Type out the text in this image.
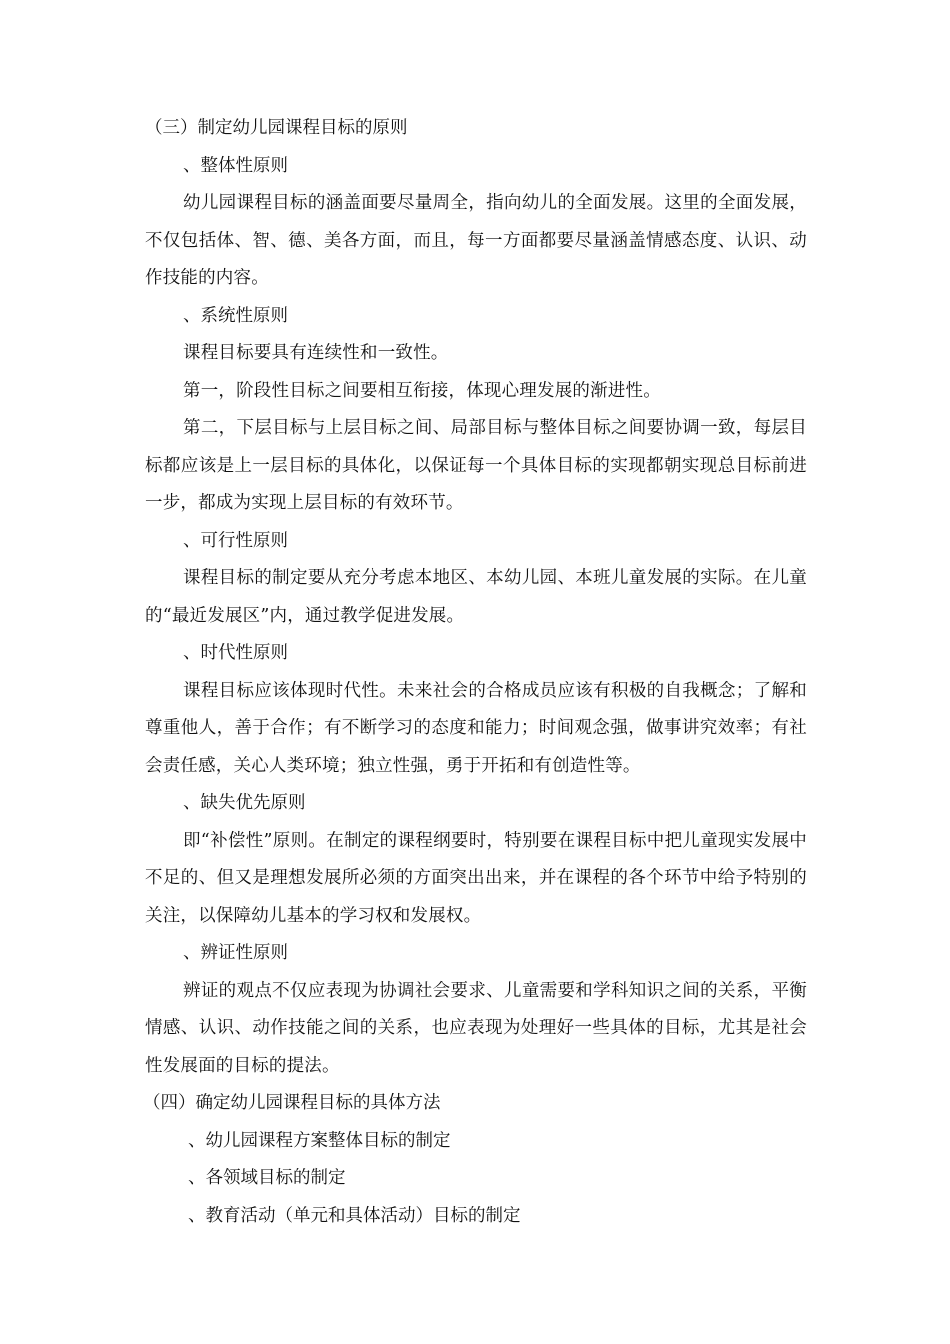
（三）制定幼儿园课程目标的原则

、整体性原则

幼儿园课程目标的涵盖面要尽量周全，指向幼儿的全面发展。这里的全面发展，不仅包括体、智、德、美各方面，而且，每一方面都要尽量涵盖情感态度、认识、动作技能的内容。

、系统性原则

课程目标要具有连续性和一致性。

第一，阶段性目标之间要相互衔接，体现心理发展的渐进性。

第二，下层目标与上层目标之间、局部目标与整体目标之间要协调一致，每层目标都应该是上一层目标的具体化，以保证每一个具体目标的实现都朝实现总目标前进一步，都成为实现上层目标的有效环节。

、可行性原则

课程目标的制定要从充分考虑本地区、本幼儿园、本班儿童发展的实际。在儿童的“最近发展区”内，通过教学促进发展。

、时代性原则

课程目标应该体现时代性。未来社会的合格成员应该有积极的自我概念；了解和尊重他人，善于合作；有不断学习的态度和能力；时间观念强，做事讲究效率；有社会责任感，关心人类环境；独立性强，勇于开拓和有创造性等。

、缺失优先原则

即“补偿性”原则。在制定的课程纲要时，特别要在课程目标中把儿童现实发展中不足的、但又是理想发展所必须的方面突出出来，并在课程的各个环节中给予特别的关注，以保障幼儿基本的学习权和发展权。

、辨证性原则

辨证的观点不仅应表现为协调社会要求、儿童需要和学科知识之间的关系，平衡情感、认识、动作技能之间的关系，也应表现为处理好一些具体的目标，尤其是社会性发展面的目标的提法。

（四）确定幼儿园课程目标的具体方法

、幼儿园课程方案整体目标的制定

、各领域目标的制定

、教育活动（单元和具体活动）目标的制定
